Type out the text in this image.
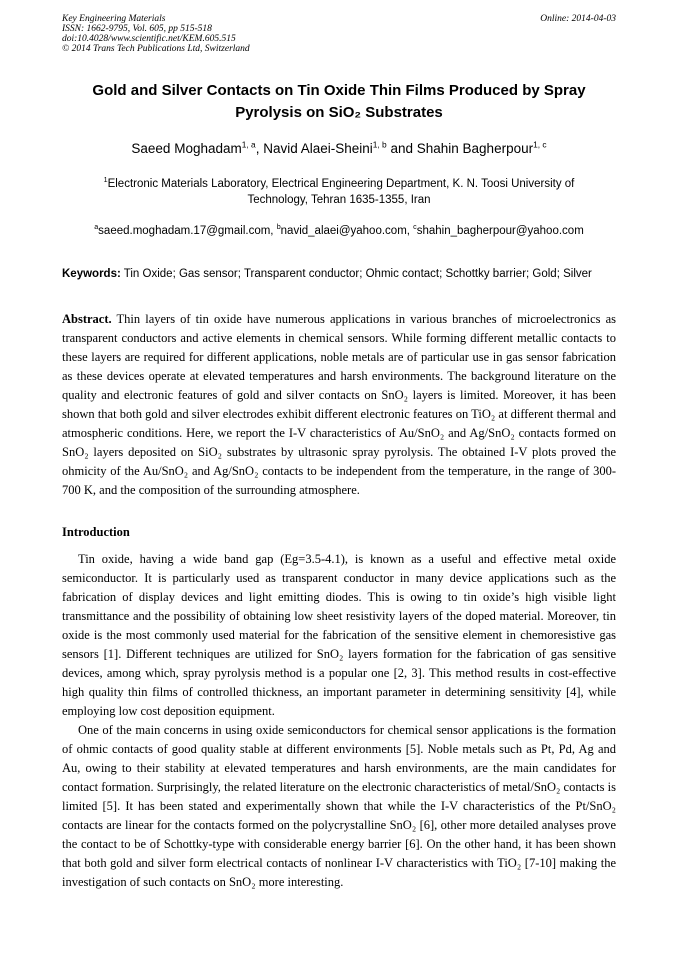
Key Engineering Materials
ISSN: 1662-9795, Vol. 605, pp 515-518
doi:10.4028/www.scientific.net/KEM.605.515
© 2014 Trans Tech Publications Ltd, Switzerland
Online: 2014-04-03
Gold and Silver Contacts on Tin Oxide Thin Films Produced by Spray Pyrolysis on SiO₂ Substrates
Saeed Moghadam$^{1, a}$, Navid Alaei-Sheini$^{1, b}$ and Shahin Bagherpour$^{1, c}$
$^1$Electronic Materials Laboratory, Electrical Engineering Department, K. N. Toosi University of Technology, Tehran 1635-1355, Iran
$^a$saeed.moghadam.17@gmail.com, $^b$navid_alaei@yahoo.com, $^c$shahin_bagherpour@yahoo.com
Keywords: Tin Oxide; Gas sensor; Transparent conductor; Ohmic contact; Schottky barrier; Gold; Silver
Abstract. Thin layers of tin oxide have numerous applications in various branches of microelectronics as transparent conductors and active elements in chemical sensors. While forming different metallic contacts to these layers are required for different applications, noble metals are of particular use in gas sensor fabrication as these devices operate at elevated temperatures and harsh environments. The background literature on the quality and electronic features of gold and silver contacts on SnO₂ layers is limited. Moreover, it has been shown that both gold and silver electrodes exhibit different electronic features on TiO₂ at different thermal and atmospheric conditions. Here, we report the I-V characteristics of Au/SnO₂ and Ag/SnO₂ contacts formed on SnO₂ layers deposited on SiO₂ substrates by ultrasonic spray pyrolysis. The obtained I-V plots proved the ohmicity of the Au/SnO₂ and Ag/SnO₂ contacts to be independent from the temperature, in the range of 300-700 K, and the composition of the surrounding atmosphere.
Introduction

Tin oxide, having a wide band gap (Eg=3.5-4.1), is known as a useful and effective metal oxide semiconductor. It is particularly used as transparent conductor in many device applications such as the fabrication of display devices and light emitting diodes. This is owing to tin oxide’s high visible light transmittance and the possibility of obtaining low sheet resistivity layers of the doped material. Moreover, tin oxide is the most commonly used material for the fabrication of the sensitive element in chemoresistive gas sensors [1]. Different techniques are utilized for SnO₂ layers formation for the fabrication of gas sensitive devices, among which, spray pyrolysis method is a popular one [2, 3]. This method results in cost-effective high quality thin films of controlled thickness, an important parameter in determining sensitivity [4], while employing low cost deposition equipment.

One of the main concerns in using oxide semiconductors for chemical sensor applications is the formation of ohmic contacts of good quality stable at different environments [5]. Noble metals such as Pt, Pd, Ag and Au, owing to their stability at elevated temperatures and harsh environments, are the main candidates for contact formation. Surprisingly, the related literature on the electronic characteristics of metal/SnO₂ contacts is limited [5]. It has been stated and experimentally shown that while the I-V characteristics of the Pt/SnO₂ contacts are linear for the contacts formed on the polycrystalline SnO₂ [6], other more detailed analyses prove the contact to be of Schottky-type with considerable energy barrier [6]. On the other hand, it has been shown that both gold and silver form electrical contacts of nonlinear I-V characteristics with TiO₂ [7-10] making the investigation of such contacts on SnO₂ more interesting.
